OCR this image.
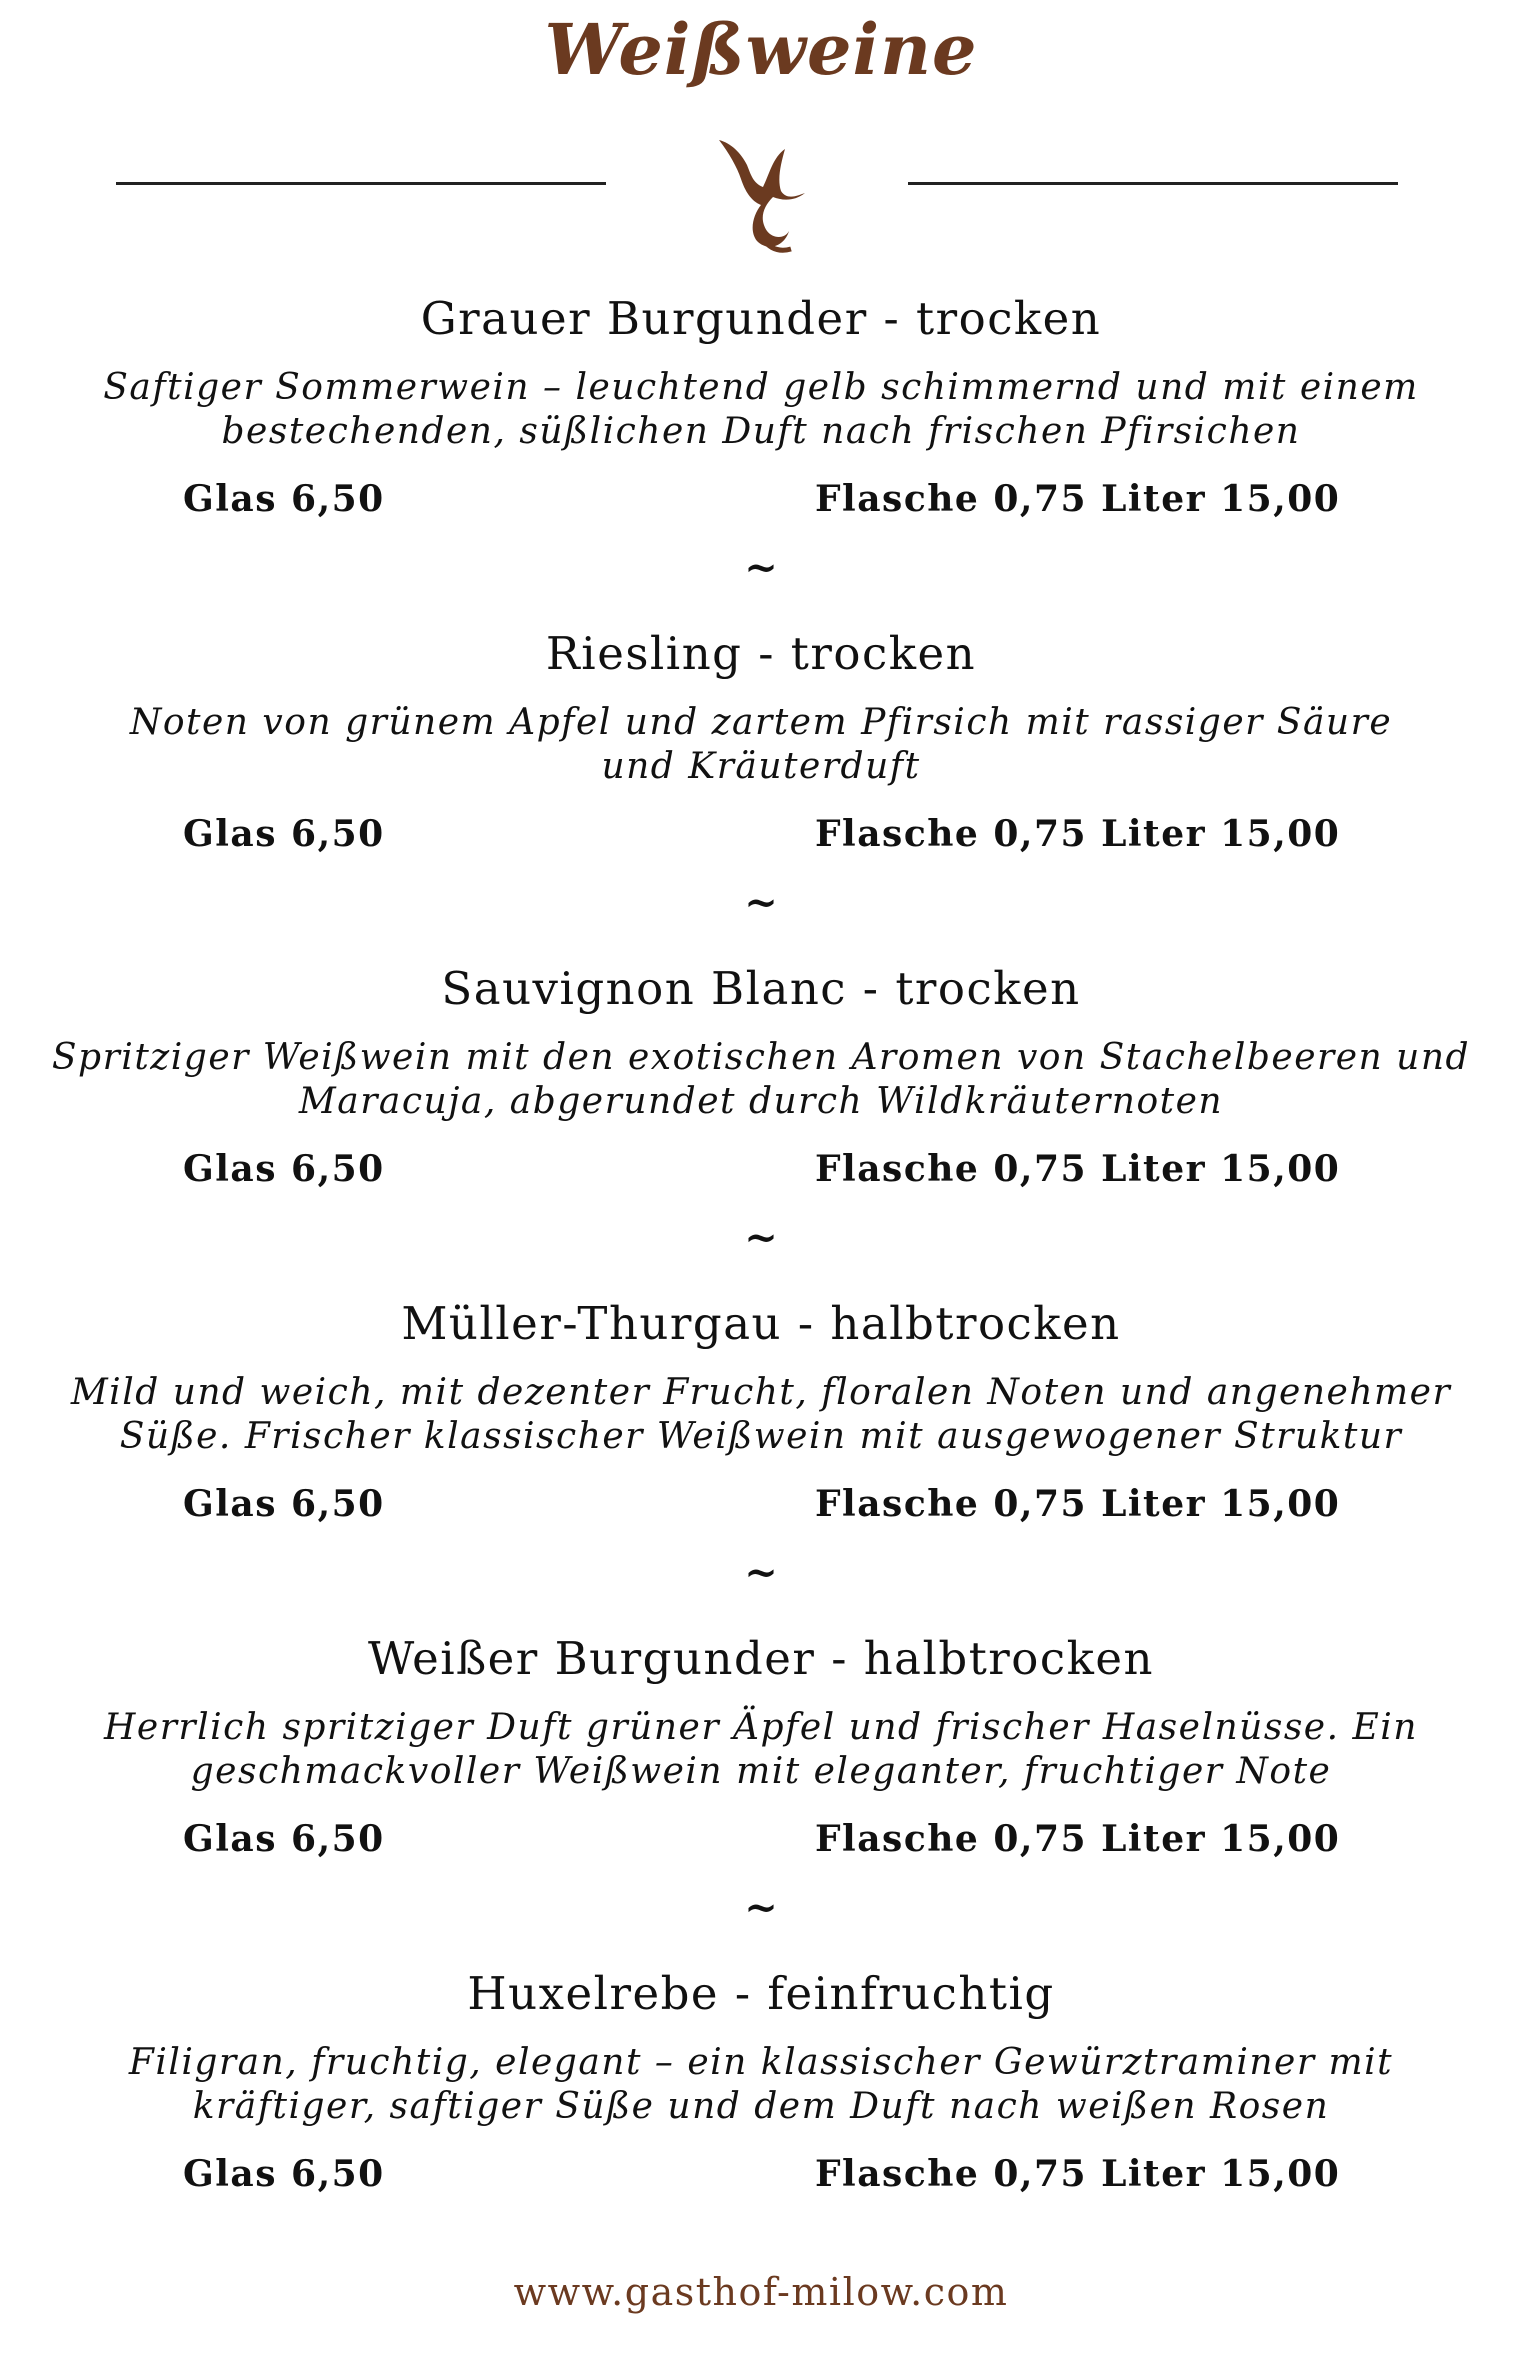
Weißweine
Grauer Burgunder - trocken
Saftiger Sommerwein – leuchtend gelb schimmernd und mit einem
bestechenden, süßlichen Duft nach frischen Pfirsichen
Glas 6,50	Flasche 0,75 Liter 15,00
~
Riesling - trocken
Noten von grünem Apfel und zartem Pfirsich mit rassiger Säure
und Kräuterduft
Glas 6,50	Flasche 0,75 Liter 15,00
~
Sauvignon Blanc - trocken
Spritziger Weißwein mit den exotischen Aromen von Stachelbeeren und
Maracuja, abgerundet durch Wildkräuternoten
Glas 6,50	Flasche 0,75 Liter 15,00
~
Müller-Thurgau - halbtrocken
Mild und weich, mit dezenter Frucht, floralen Noten und angenehmer
Süße. Frischer klassischer Weißwein mit ausgewogener Struktur
Glas 6,50	Flasche 0,75 Liter 15,00
~
Weißer Burgunder - halbtrocken
Herrlich spritziger Duft grüner Äpfel und frischer Haselnüsse. Ein
geschmackvoller Weißwein mit eleganter, fruchtiger Note
Glas 6,50	Flasche 0,75 Liter 15,00
~
Huxelrebe - feinfruchtig
Filigran, fruchtig, elegant – ein klassischer Gewürztraminer mit
kräftiger, saftiger Süße und dem Duft nach weißen Rosen
Glas 6,50	Flasche 0,75 Liter 15,00
www.gasthof-milow.com
